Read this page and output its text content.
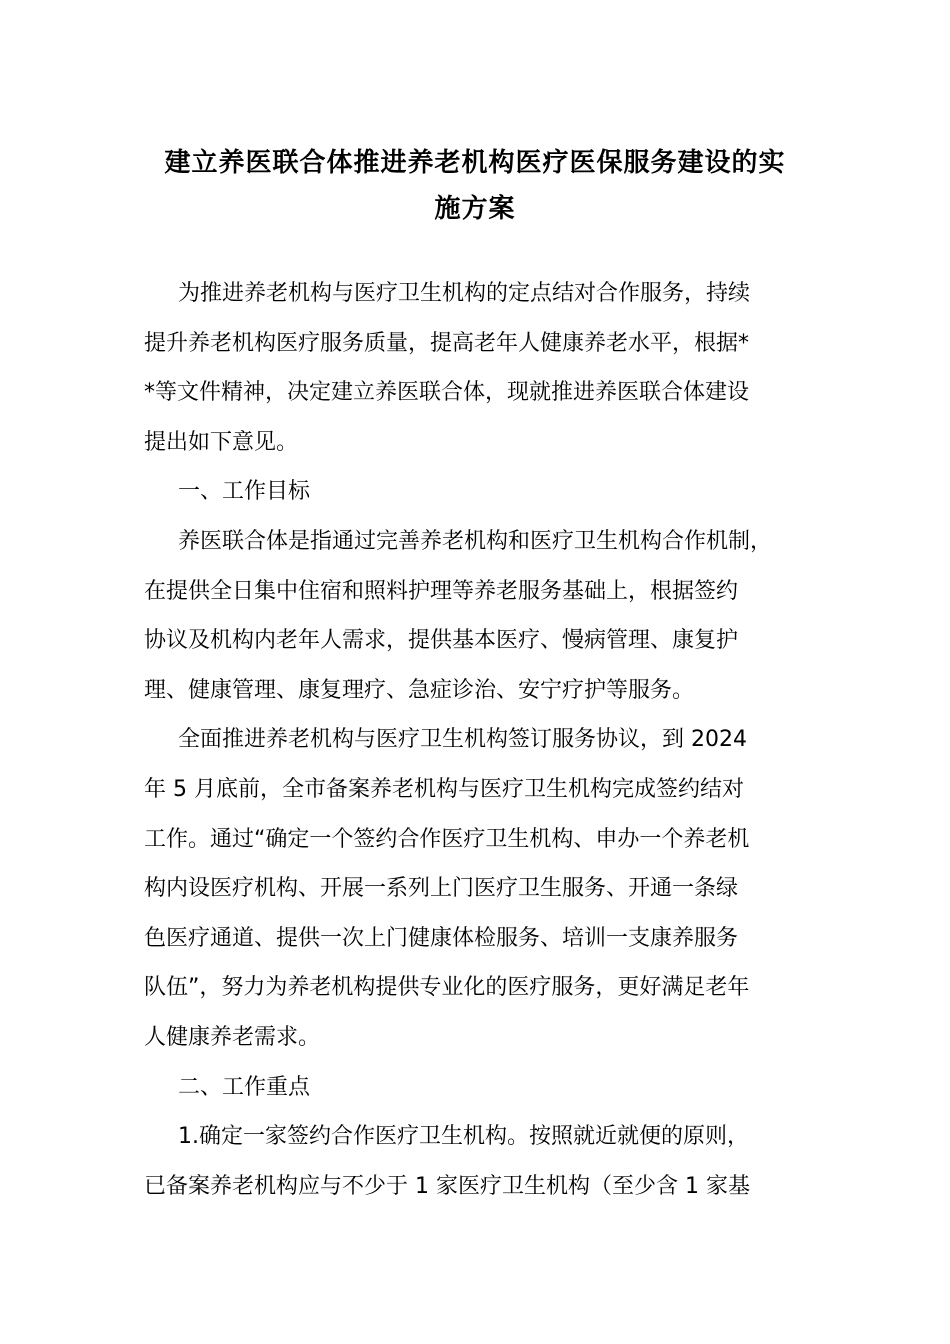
建立养医联合体推进养老机构医疗医保服务建设的实
施方案
为推进养老机构与医疗卫生机构的定点结对合作服务，持续
提升养老机构医疗服务质量，提高老年人健康养老水平，根据*
*等文件精神，决定建立养医联合体，现就推进养医联合体建设
提出如下意见。
一、工作目标
养医联合体是指通过完善养老机构和医疗卫生机构合作机制，
在提供全日集中住宿和照料护理等养老服务基础上，根据签约
协议及机构内老年人需求，提供基本医疗、慢病管理、康复护
理、健康管理、康复理疗、急症诊治、安宁疗护等服务。
全面推进养老机构与医疗卫生机构签订服务协议，到 2024
年 5 月底前，全市备案养老机构与医疗卫生机构完成签约结对
工作。通过“确定一个签约合作医疗卫生机构、申办一个养老机
构内设医疗机构、开展一系列上门医疗卫生服务、开通一条绿
色医疗通道、提供一次上门健康体检服务、培训一支康养服务
队伍”，努力为养老机构提供专业化的医疗服务，更好满足老年
人健康养老需求。
二、工作重点
1.确定一家签约合作医疗卫生机构。按照就近就便的原则，
已备案养老机构应与不少于 1 家医疗卫生机构（至少含 1 家基
